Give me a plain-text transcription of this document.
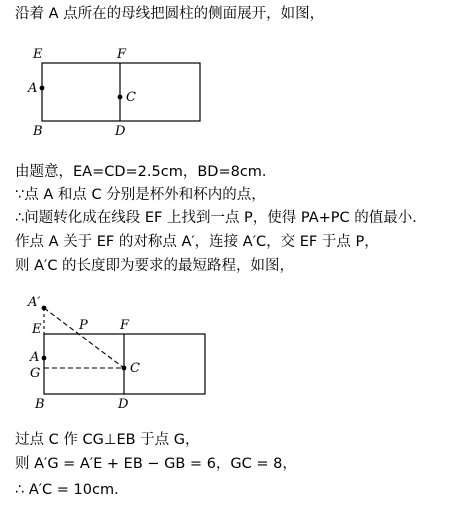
沿着 A 点所在的母线把圆柱的侧面展开，如图，
E	F
A
C
B	D
A′
E	P F
A
G	C
B	D
由题意，EA=CD=2.5cm，BD=8cm．
∵点 A 和点 C 分别是杯外和杯内的点，
∴问题转化成在线段 EF 上找到一点 P，使得 PA+PC 的值最小．
作点 A 关于 EF 的对称点 A′，连接 A′C，交 EF 于点 P，
则 A′C 的长度即为要求的最短路程，如图，
过点 C 作 CG⊥EB 于点 G，
则 A′G = A′E + EB − GB = 6，GC = 8，
∴ A′C = 10cm．
